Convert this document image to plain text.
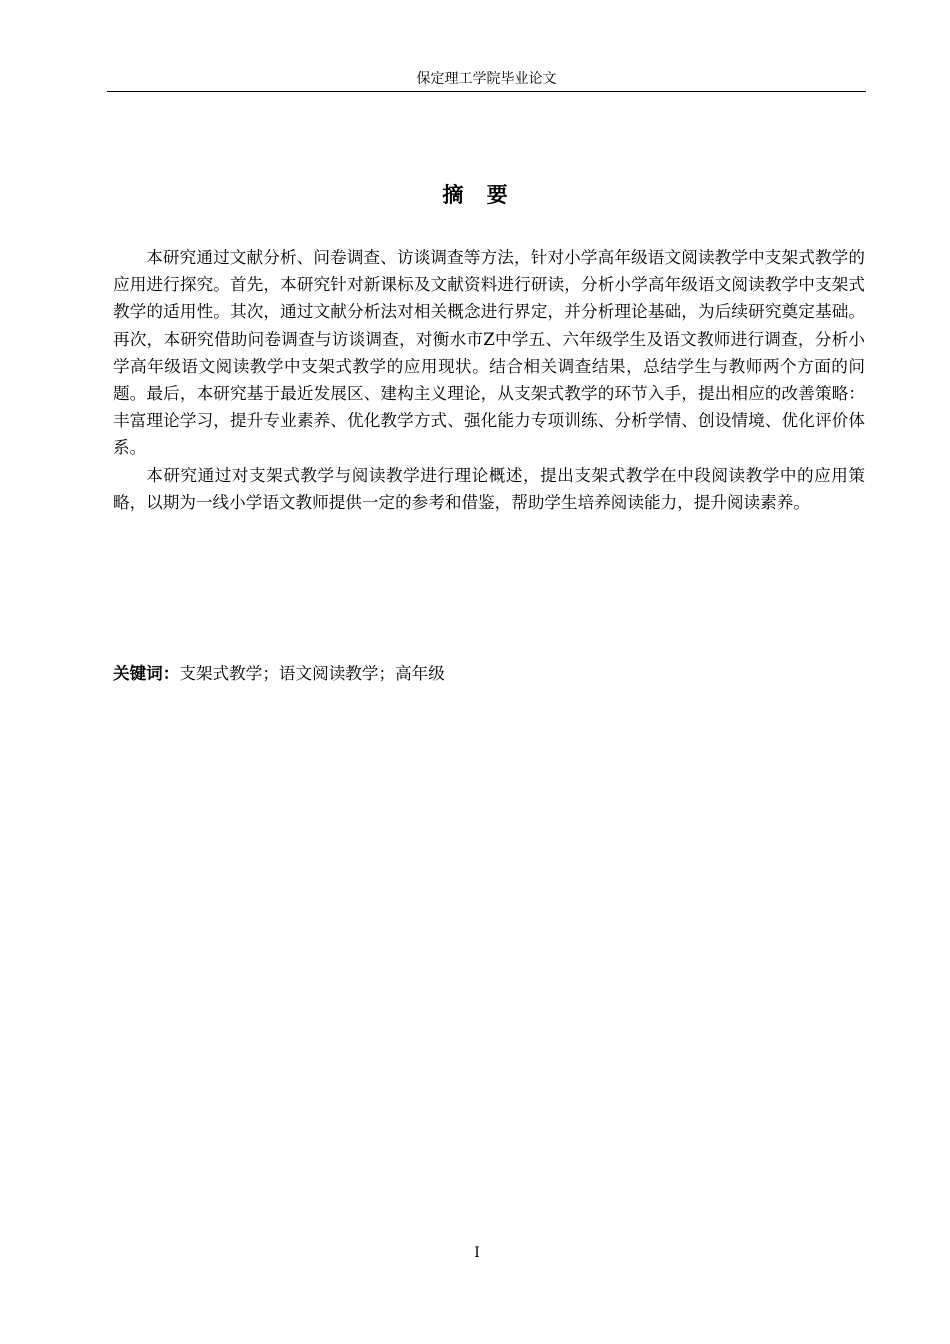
保定理工学院毕业论文
摘 要

本研究通过文献分析、问卷调查、访谈调查等方法，针对小学高年级语文阅读教学中支架式教学的应用进行探究。首先，本研究针对新课标及文献资料进行研读，分析小学高年级语文阅读教学中支架式教学的适用性。其次，通过文献分析法对相关概念进行界定，并分析理论基础，为后续研究奠定基础。再次，本研究借助问卷调查与访谈调查，对衡水市Z中学五、六年级学生及语文教师进行调查，分析小学高年级语文阅读教学中支架式教学的应用现状。结合相关调查结果，总结学生与教师两个方面的问题。最后，本研究基于最近发展区、建构主义理论，从支架式教学的环节入手，提出相应的改善策略：丰富理论学习，提升专业素养、优化教学方式、强化能力专项训练、分析学情、创设情境、优化评价体系。

本研究通过对支架式教学与阅读教学进行理论概述，提出支架式教学在中段阅读教学中的应用策略，以期为一线小学语文教师提供一定的参考和借鉴，帮助学生培养阅读能力，提升阅读素养。

关键词：支架式教学；语文阅读教学；高年级
I
